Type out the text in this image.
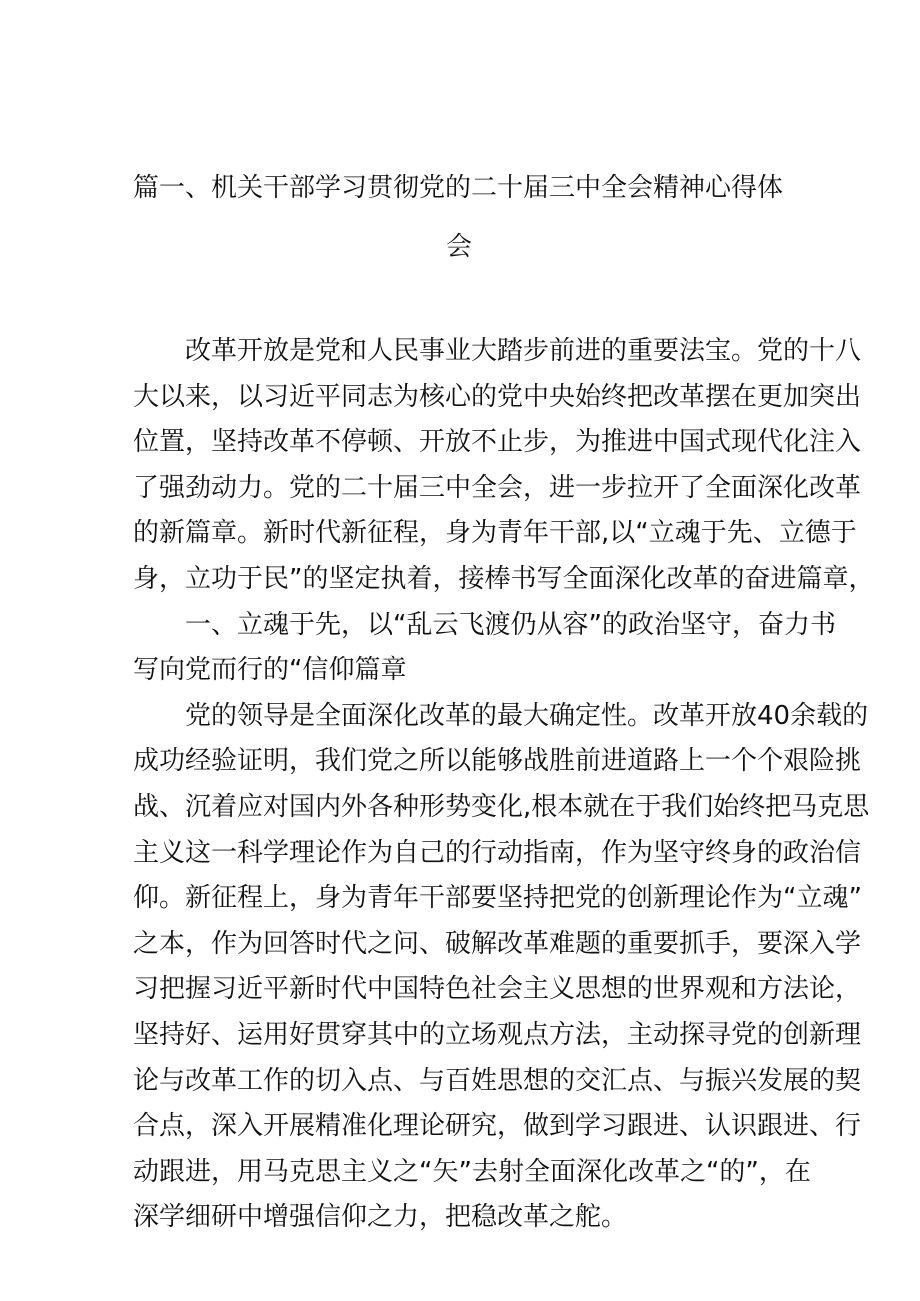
篇一、机关干部学习贯彻党的二十届三中全会精神心得体
会
　　改革开放是党和人民事业大踏步前进的重要法宝。党的十八
大以来，以习近平同志为核心的党中央始终把改革摆在更加突出
位置，坚持改革不停顿、开放不止步，为推进中国式现代化注入
了强劲动力。党的二十届三中全会，进一步拉开了全面深化改革
的新篇章。新时代新征程，身为青年干部,以“立魂于先、立德于
身，立功于民”的坚定执着，接棒书写全面深化改革的奋进篇章，
　　一、立魂于先，以“乱云飞渡仍从容”的政治坚守，奋力书
写向党而行的“信仰篇章
　　党的领导是全面深化改革的最大确定性。改革开放40余载的
成功经验证明，我们党之所以能够战胜前进道路上一个个艰险挑
战、沉着应对国内外各种形势变化,根本就在于我们始终把马克思
主义这一科学理论作为自己的行动指南，作为坚守终身的政治信
仰。新征程上，身为青年干部要坚持把党的创新理论作为“立魂”
之本，作为回答时代之问、破解改革难题的重要抓手，要深入学
习把握习近平新时代中国特色社会主义思想的世界观和方法论，
坚持好、运用好贯穿其中的立场观点方法，主动探寻党的创新理
论与改革工作的切入点、与百姓思想的交汇点、与振兴发展的契
合点，深入开展精准化理论研究，做到学习跟进、认识跟进、行
动跟进，用马克思主义之“矢”去射全面深化改革之“的”，在
深学细研中增强信仰之力，把稳改革之舵。
